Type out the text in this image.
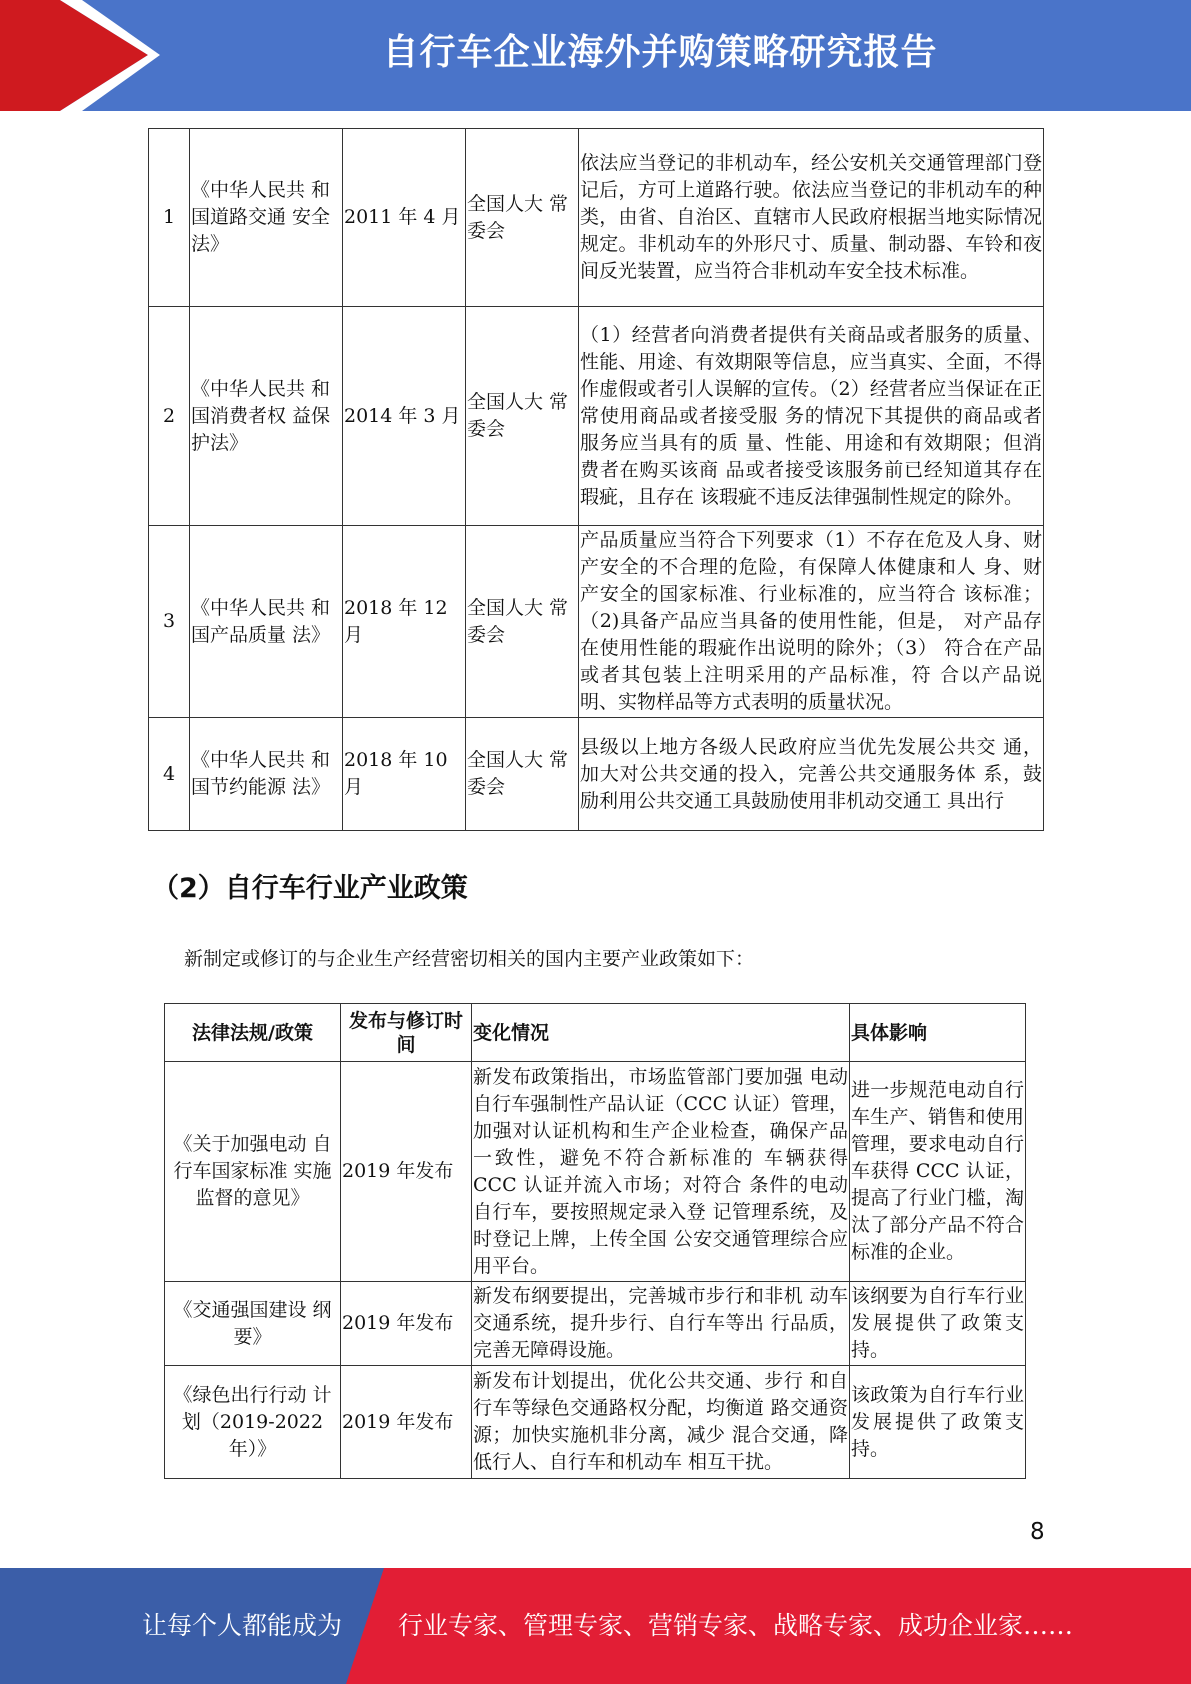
自行车企业海外并购策略研究报告
1	《中华人民共 和国道路交通 安全法》	2011 年 4 月	全国人大 常委会	依法应当登记的非机动车，经公安机关交通管理部门登记后，方可上道路行驶。依法应当登记的非机动车的种类，由省、自治区、直辖市人民政府根据当地实际情况规定。非机动车的外形尺寸、质量、制动器、车铃和夜间反光装置，应当符合非机动车安全技术标准。
2	《中华人民共 和国消费者权 益保护法》	2014 年 3 月	全国人大 常委会	（1）经营者向消费者提供有关商品或者服务的质量、性能、用途、有效期限等信息，应当真实、全面，不得作虚假或者引人误解的宣传。（2）经营者应当保证在正常使用商品或者接受服 务的情况下其提供的商品或者服务应当具有的质 量、性能、用途和有效期限；但消费者在购买该商 品或者接受该服务前已经知道其存在瑕疵，且存在 该瑕疵不违反法律强制性规定的除外。
3	《中华人民共 和国产品质量 法》	2018 年 12 月	全国人大 常委会	产品质量应当符合下列要求（1）不存在危及人身、财产安全的不合理的危险，有保障人体健康和人 身、财产安全的国家标准、行业标准的，应当符合 该标准；（2)具备产品应当具备的使用性能，但是， 对产品存在使用性能的瑕疵作出说明的除外；（3） 符合在产品或者其包装上注明采用的产品标准，符 合以产品说明、实物样品等方式表明的质量状况。
4	《中华人民共 和国节约能源 法》	2018 年 10 月	全国人大 常委会	县级以上地方各级人民政府应当优先发展公共交 通，加大对公共交通的投入，完善公共交通服务体 系，鼓励利用公共交通工具鼓励使用非机动交通工 具出行
（2）自行车行业产业政策
新制定或修订的与企业生产经营密切相关的国内主要产业政策如下：
法律法规/政策	发布与修订时间	变化情况	具体影响
《关于加强电动 自行车国家标准 实施监督的意见》	2019 年发布	新发布政策指出，市场监管部门要加强 电动自行车强制性产品认证（CCC 认证）管理，加强对认证机构和生产企业检查，确保产品一致性，避免不符合新标准的 车辆获得 CCC 认证并流入市场；对符合 条件的电动自行车，要按照规定录入登 记管理系统，及时登记上牌，上传全国 公安交通管理综合应用平台。	进一步规范电动自行车生产、销售和使用管理，要求电动自行车获得 CCC 认证，提高了行业门槛，淘汰了部分产品不符合标准的企业。
《交通强国建设 纲要》	2019 年发布	新发布纲要提出，完善城市步行和非机 动车交通系统，提升步行、自行车等出 行品质，完善无障碍设施。	该纲要为自行车行业发展提供了政策支持。
《绿色出行行动 计划（2019-2022 年）》	2019 年发布	新发布计划提出，优化公共交通、步行 和自行车等绿色交通路权分配，均衡道 路交通资源；加快实施机非分离，减少 混合交通，降低行人、自行车和机动车 相互干扰。	该政策为自行车行业发展提供了政策支持。
8
让每个人都能成为 行业专家、管理专家、营销专家、战略专家、成功企业家……
